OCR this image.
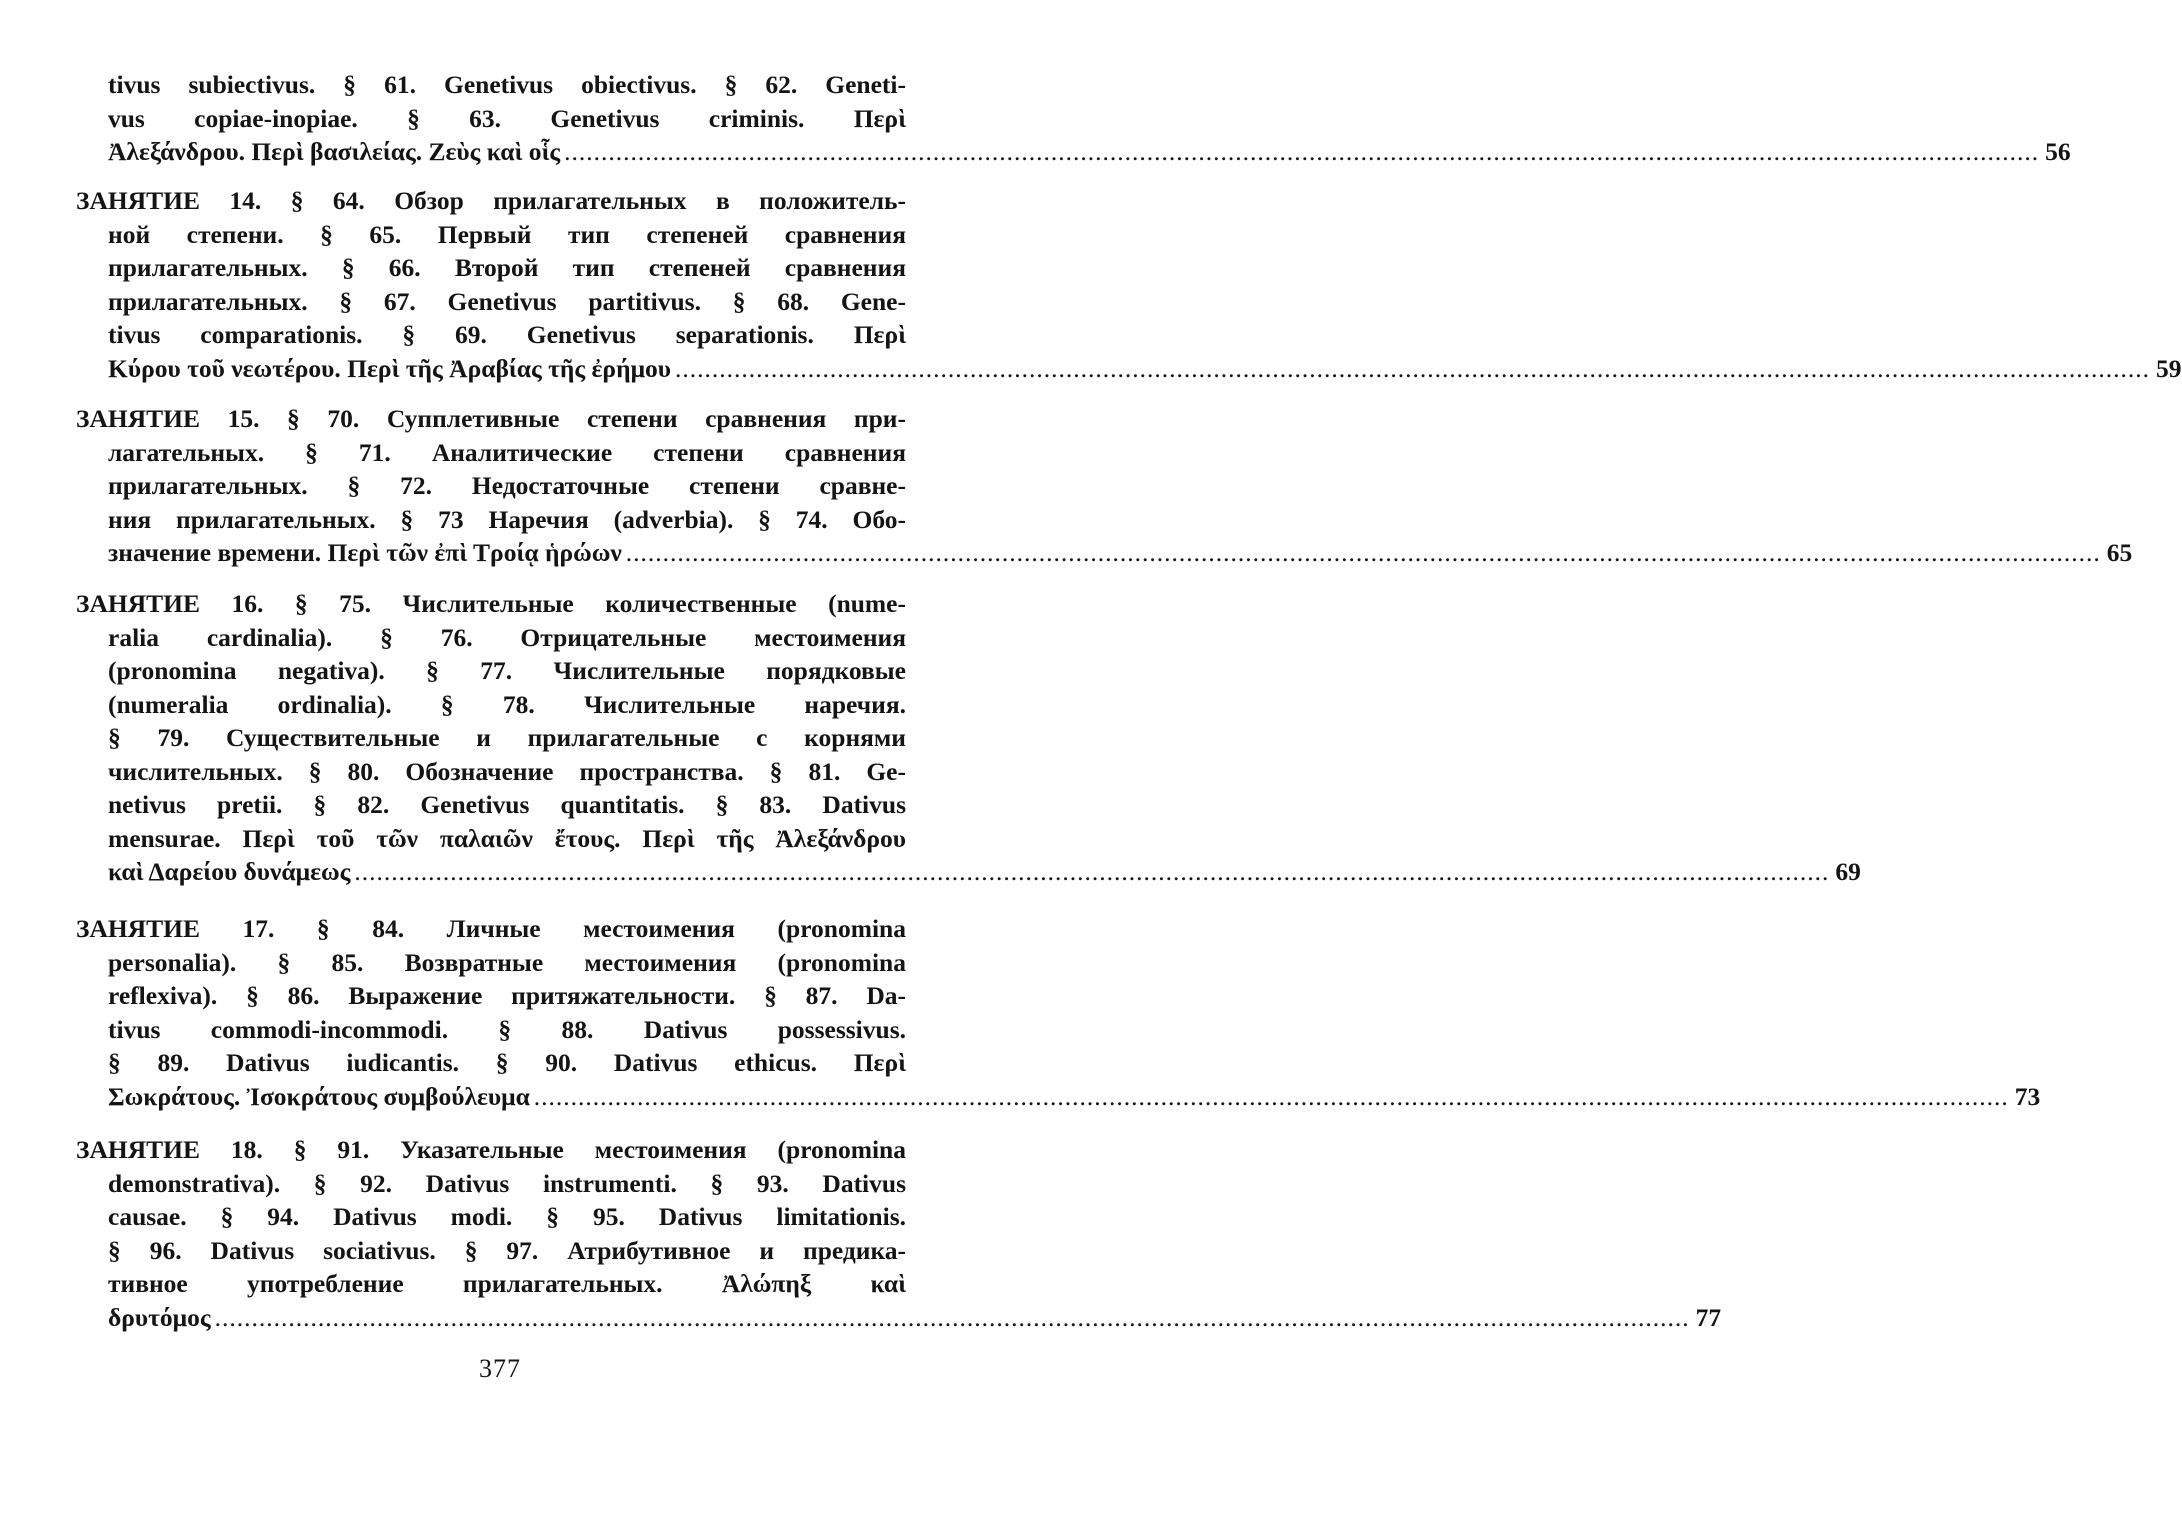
tivus subiectivus. § 61. Genetivus obiectivus. § 62. Geneti-
vus copiae-inopiae. § 63. Genetivus criminis. Περὶ
Ἀλεξάνδρου. Περὶ βασιλείας. Ζεὺς καὶ οἷς ........................................................................................................................................................................................................ 56
ЗАНЯТИЕ 14. § 64. Обзор прилагательных в положитель-
ной степени. § 65. Первый тип степеней сравнения
прилагательных. § 66. Второй тип степеней сравнения
прилагательных. § 67. Genetivus partitivus. § 68. Gene-
tivus comparationis. § 69. Genetivus separationis. Περὶ
Κύρου τοῦ νεωτέρου. Περὶ τῆς Ἀραβίας τῆς ἐρήμου ........................................................................................................................................................................................................ 59
ЗАНЯТИЕ 15. § 70. Супплетивные степени сравнения при-
лагательных. § 71. Аналитические степени сравнения
прилагательных. § 72. Недостаточные степени сравне-
ния прилагательных. § 73 Наречия (adverbia). § 74. Обо-
значение времени. Περὶ τῶν ἐπὶ Τροίᾳ ἡρώων ........................................................................................................................................................................................................ 65
ЗАНЯТИЕ 16. § 75. Числительные количественные (nume-
ralia cardinalia). § 76. Отрицательные местоимения
(pronomina negativa). § 77. Числительные порядковые
(numeralia ordinalia). § 78. Числительные наречия.
§ 79. Существительные и прилагательные с корнями
числительных. § 80. Обозначение пространства. § 81. Ge-
netivus pretii. § 82. Genetivus quantitatis. § 83. Dativus
mensurae. Περὶ τοῦ τῶν παλαιῶν ἔτους. Περὶ τῆς Ἀλεξάνδρου
καὶ Δαρείου δυνάμεως ........................................................................................................................................................................................................ 69
ЗАНЯТИЕ 17. § 84. Личные местоимения (pronomina
personalia). § 85. Возвратные местоимения (pronomina
reflexiva). § 86. Выражение притяжательности. § 87. Da-
tivus commodi-incommodi. § 88. Dativus possessivus.
§ 89. Dativus iudicantis. § 90. Dativus ethicus. Περὶ
Σωκράτους. Ἰσοκράτους συμβούλευμα ........................................................................................................................................................................................................ 73
ЗАНЯТИЕ 18. § 91. Указательные местоимения (pronomina
demonstrativa). § 92. Dativus instrumenti. § 93. Dativus
causae. § 94. Dativus modi. § 95. Dativus limitationis.
§ 96. Dativus sociativus. § 97. Атрибутивное и предика-
тивное употребление прилагательных. Ἀλώπηξ καὶ
δρυτόμος ........................................................................................................................................................................................................ 77
377
